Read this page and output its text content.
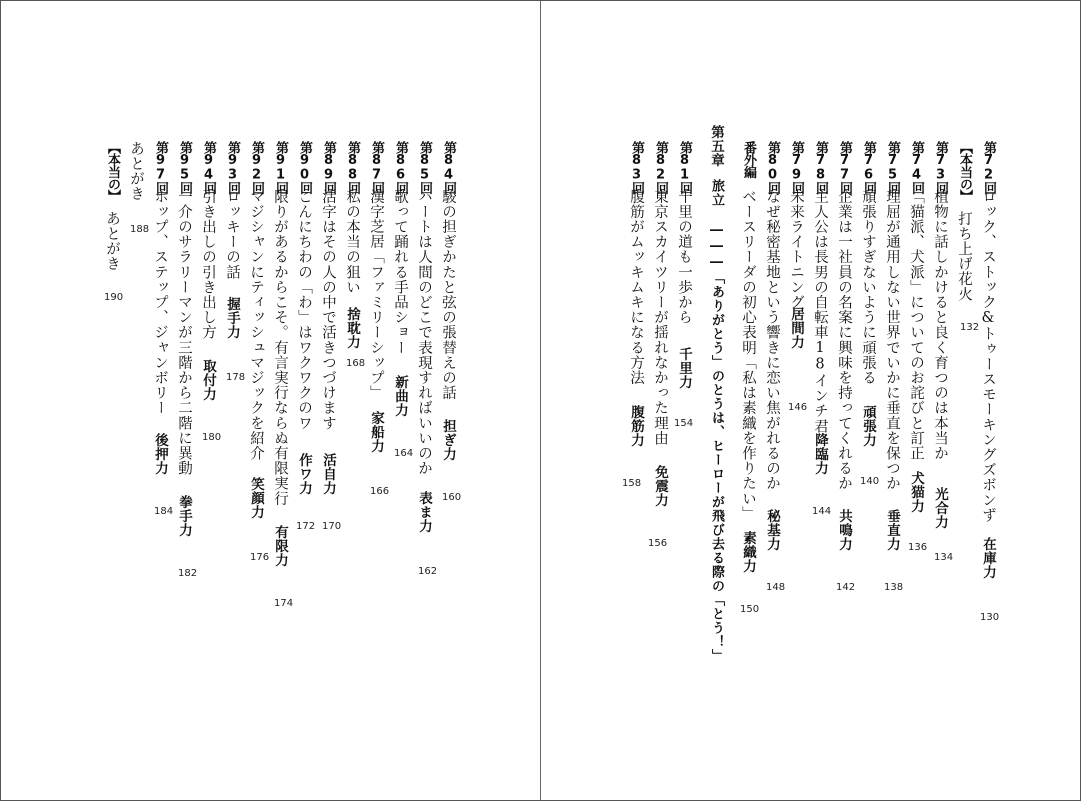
第84回
駿の担ぎかたと弦の張替えの話
担ぎ力
160
第85回
ハートは人間のどこで表現すればいいのか
表ま力
162
第86回
歌って踊れる手品ショー
新曲力
164
第87回
漢字芝居「ファミリーシップ」
家船力
166
第88回
私の本当の狙い
捨耽力
168
第89回
活字はその人の中で活きつづけます
活自力
170
第90回
こんにちわの「わ」はワクワクのワ
作ワ力
172
第91回
限りがあるからこそ。有言実行ならぬ有限実行
有限力
174
第92回
マジシャンにティッシュマジックを紹介
笑顔力
176
第93回
ロッキーの話
握手力
178
第94回
引き出しの引き出し方
取付力
180
第95回
一介のサラリーマンが三階から二階に異動
拳手力
182
第97回
ホップ、ステップ、ジャンボリー
後押力
184
あとがき
188
【本当の】
あとがき
190
第72回
ロック、ストック&トゥースモーキングズボンず
在庫力
130
【本当の】
打ち上げ花火
132
第73回
植物に話しかけると良く育つのは本当か
光合力
134
第74回
「猫派、犬派」についてのお詫びと訂正
犬猫力
136
第75回
理屈が通用しない世界でいかに垂直を保つか
垂直力
138
第76回
頑張りすぎないように頑張る
頑張力
140
第77回
企業は一社員の名案に興味を持ってくれるか
共鳴力
142
第78回
主人公は長男の自転車18インチ君
降臨力
144
第79回
未来ライトニング
居間力
146
第80回
なぜ秘密基地という響きに恋い焦がれるのか
秘基力
148
番外編
ベースリーダの初心表明「私は素織を作りたい」
素織力
150
第五章
旅立 ―――「ありがとう」のとうは、ヒーローが飛び去る際の「とう！」
第81回
千里の道も一歩から
千里力
154
第82回
東京スカイツリーが揺れなかった理由
免震力
156
第83回
腹筋がムッキムキになる方法
腹筋力
158
